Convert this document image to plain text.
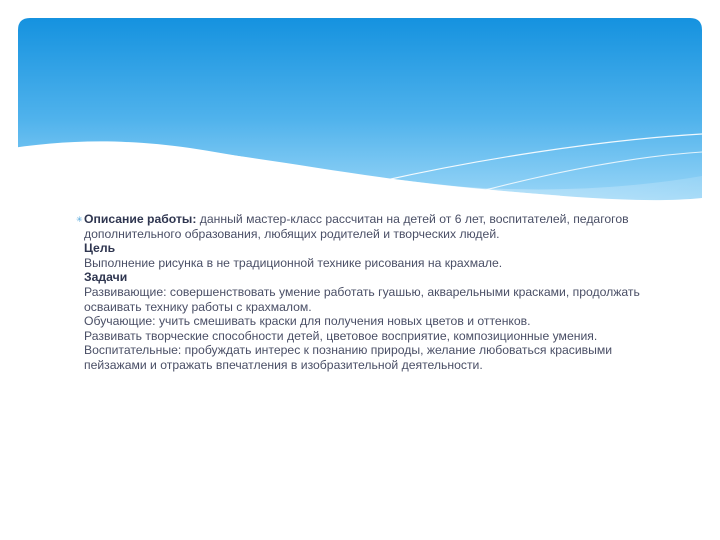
✳ Описание работы: данный мастер-класс рассчитан на детей от 6 лет, воспитателей, педагогов дополнительного образования, любящих родителей и творческих людей.
Цель
Выполнение рисунка в не традиционной технике рисования на крахмале.
Задачи
Развивающие: совершенствовать умение работать гуашью, акварельными красками, продолжать осваивать технику работы с крахмалом.
Обучающие: учить смешивать краски для получения новых цветов и оттенков.
Развивать творческие способности детей, цветовое восприятие, композиционные умения.
Воспитательные: пробуждать интерес к познанию природы, желание любоваться красивыми пейзажами и отражать впечатления в изобразительной деятельности.
